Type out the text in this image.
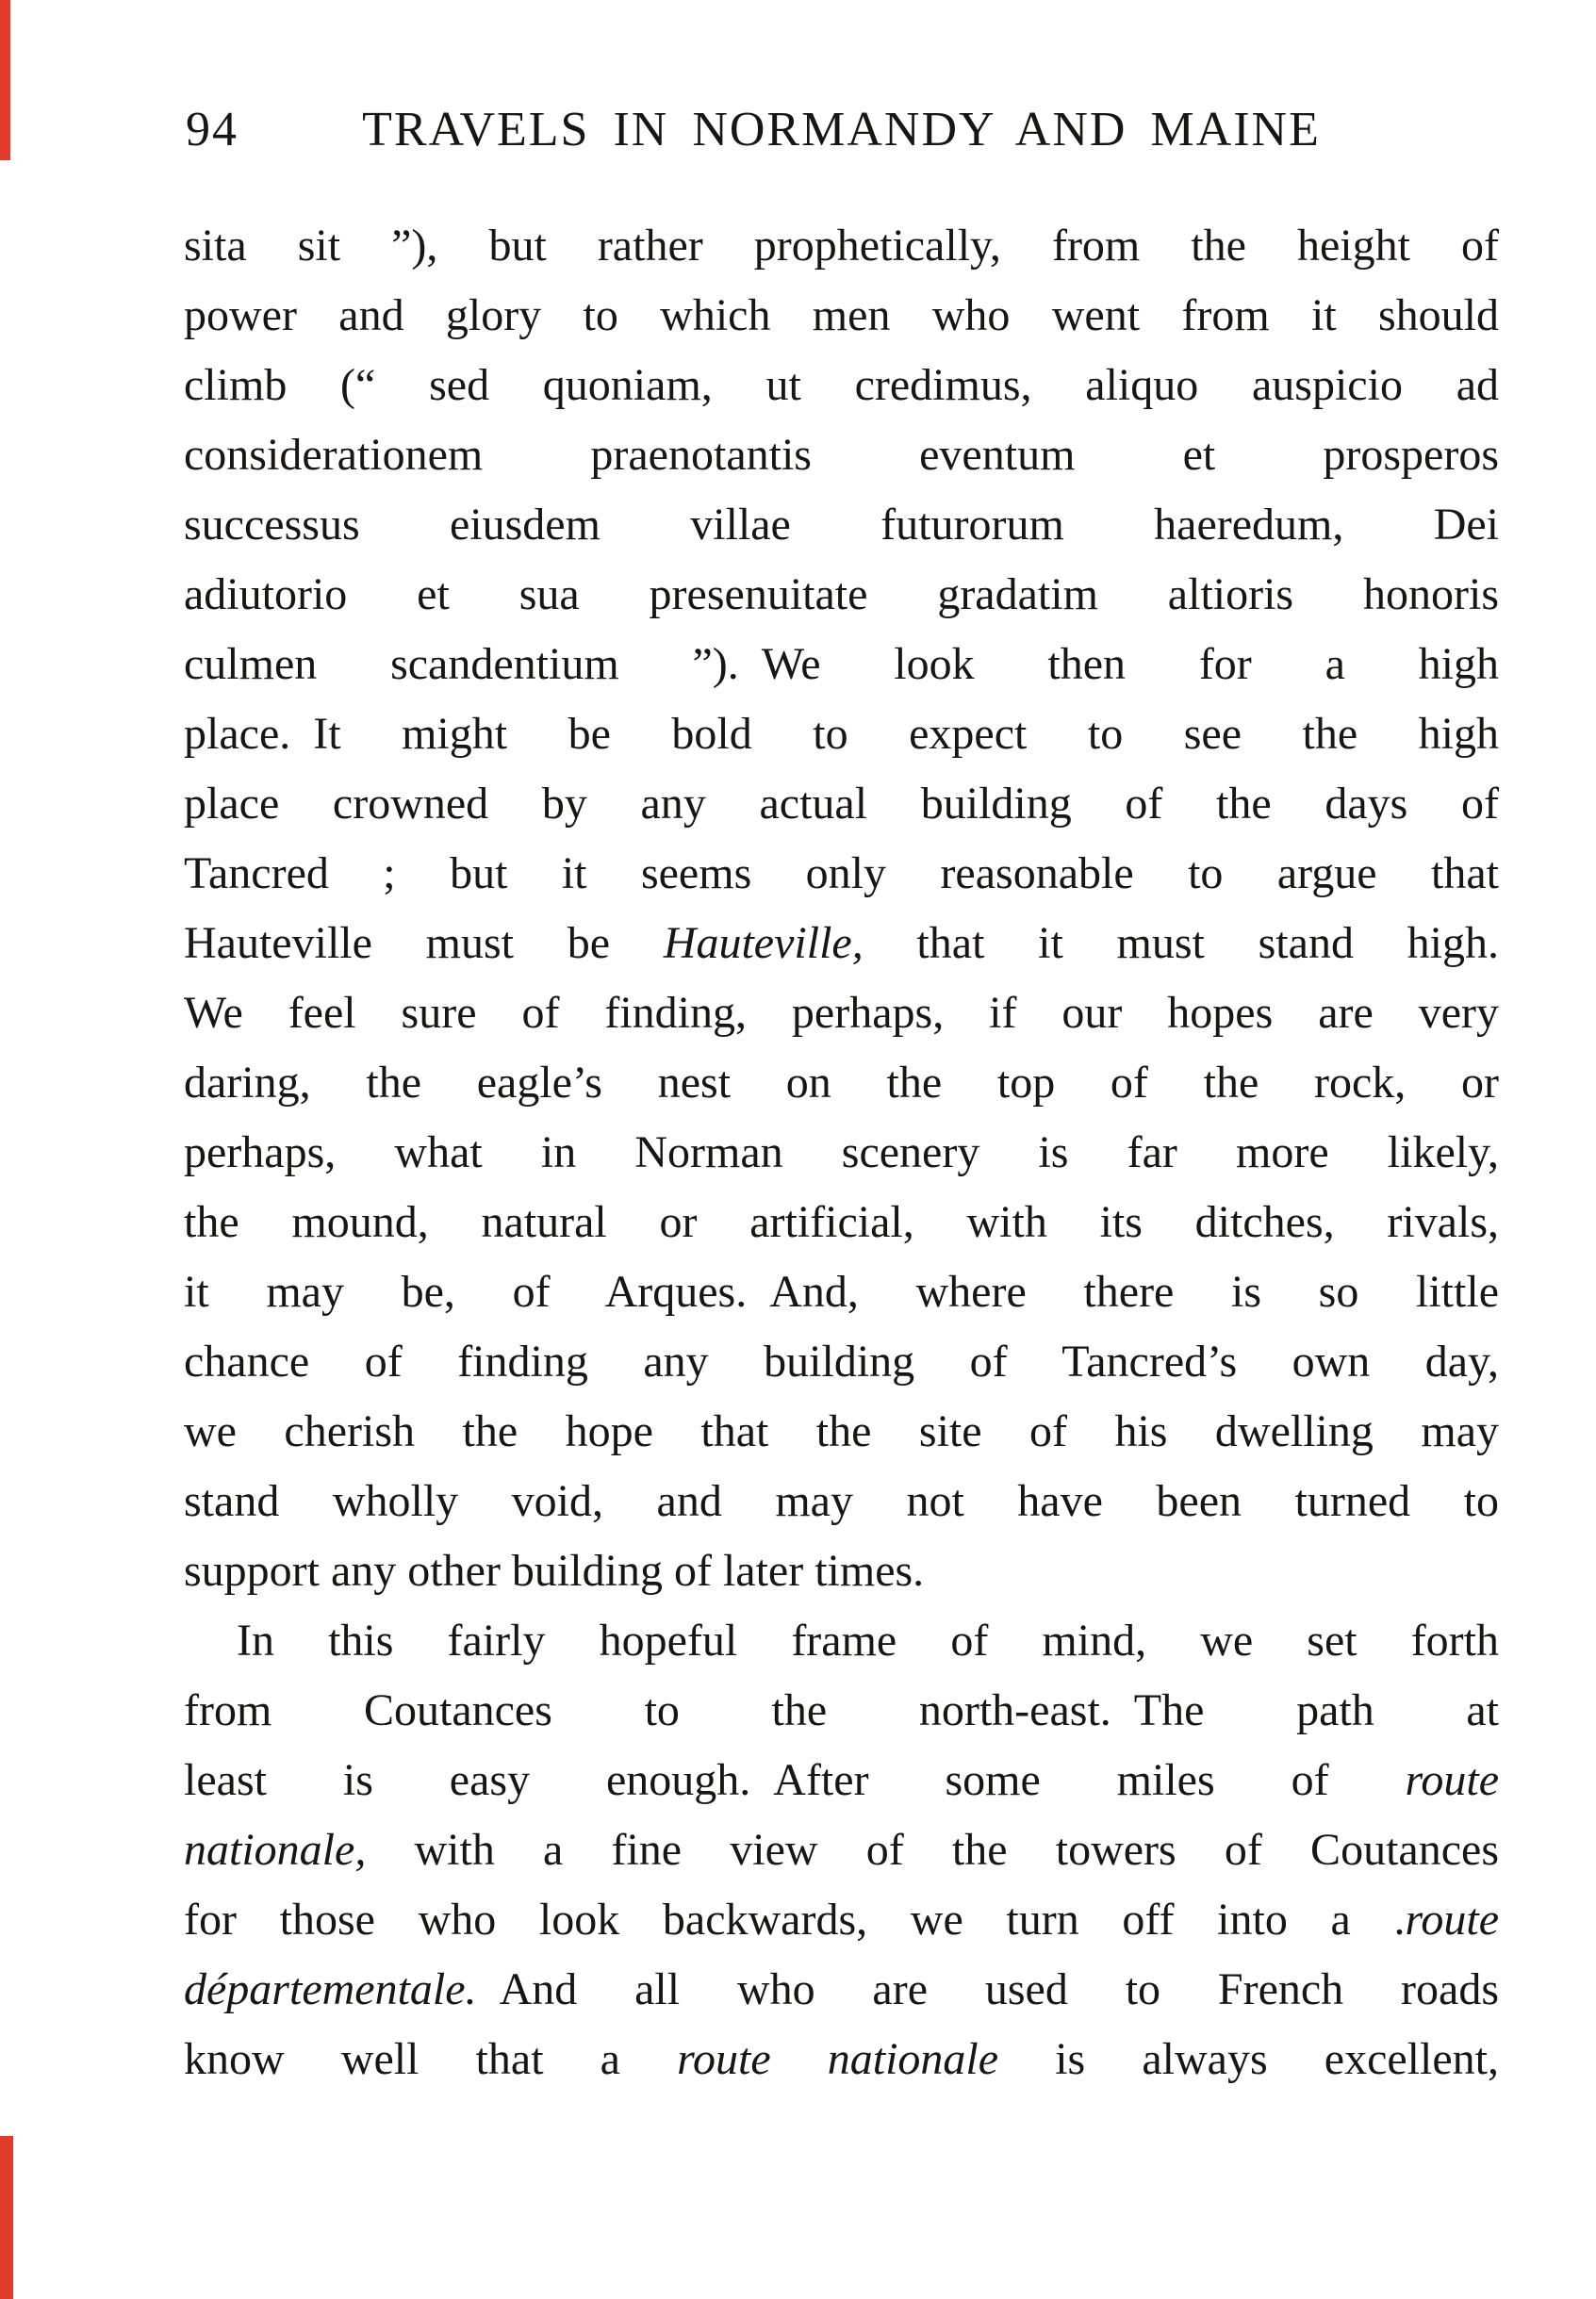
94	TRAVELS IN NORMANDY AND MAINE
sita sit ”), but rather prophetically, from the height of
power and glory to which men who went from it should
climb (“ sed quoniam, ut credimus, aliquo auspicio ad
considerationem praenotantis eventum et prosperos
successus eiusdem villae futurorum haeredum, Dei
adiutorio et sua presenuitate gradatim altioris honoris
culmen scandentium ”). We look then for a high
place. It might be bold to expect to see the high
place crowned by any actual building of the days of
Tancred ; but it seems only reasonable to argue that
Hauteville must be Hauteville, that it must stand high.
We feel sure of finding, perhaps, if our hopes are very
daring, the eagle’s nest on the top of the rock, or
perhaps, what in Norman scenery is far more likely,
the mound, natural or artificial, with its ditches, rivals,
it may be, of Arques. And, where there is so little
chance of finding any building of Tancred’s own day,
we cherish the hope that the site of his dwelling may
stand wholly void, and may not have been turned to
support any other building of later times.
In this fairly hopeful frame of mind, we set forth
from Coutances to the north-east. The path at
least is easy enough. After some miles of route
nationale, with a fine view of the towers of Coutances
for those who look backwards, we turn off into a .route
départementale. And all who are used to French roads
know well that a route nationale is always excellent,
